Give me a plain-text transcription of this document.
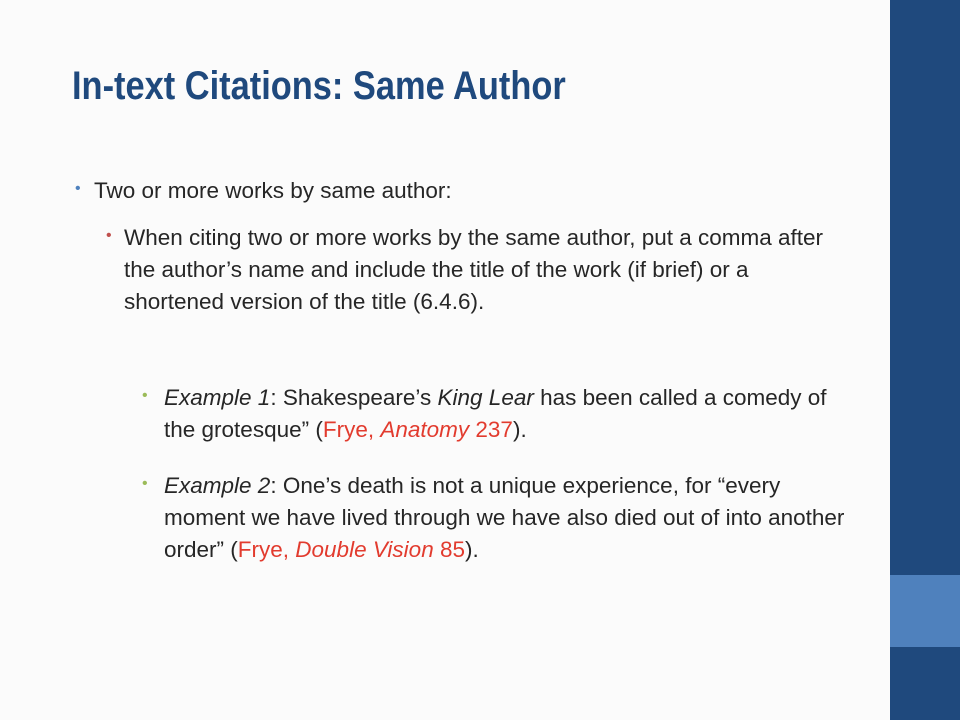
In-text Citations: Same Author
• Two or more works by same author:
• When citing two or more works by the same author, put a comma after the author’s name and include the title of the work (if brief) or a shortened version of the title (6.4.6).
• Example 1: Shakespeare’s King Lear has been called a comedy of the grotesque” (Frye, Anatomy 237).
• Example 2: One’s death is not a unique experience, for “every moment we have lived through we have also died out of into another order” (Frye, Double Vision 85).
